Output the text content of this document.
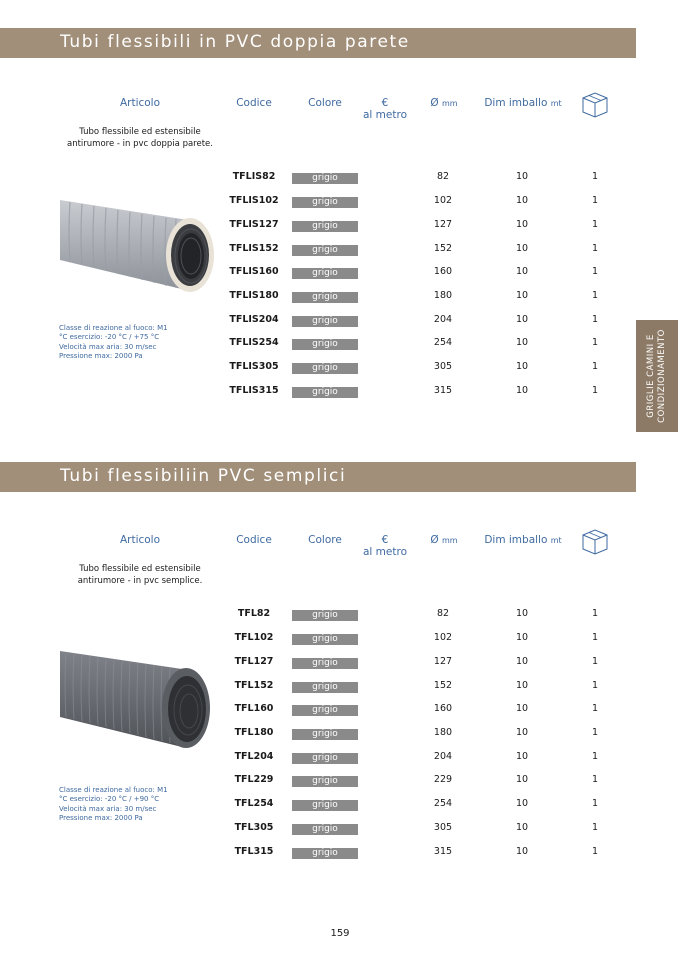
Tubi flessibili in PVC doppia parete
Articolo	Codice	Colore	€
al metro
Ø mm	Dim imballo mt
Tubo flessibile ed estensibile
antirumore - in pvc doppia parete.
Classe di reazione al fuoco: M1
°C esercizio: -20 °C / +75 °C
Velocità max aria: 30 m/sec
Pressione max: 2000 Pa
TFLIS82	grigio	82	10	1
TFLIS102	grigio	102	10	1
TFLIS127	grigio	127	10	1
TFLIS152	grigio	152	10	1
TFLIS160	grigio	160	10	1
TFLIS180	grigio	180	10	1
TFLIS204	grigio	204	10	1
TFLIS254	grigio	254	10	1
TFLIS305	grigio	305	10	1
TFLIS315	grigio	315	10	1	GRIGLIE CAMINI E CONDIZIONAMENTO
Tubi flessibiliin PVC semplici
Articolo	Codice	Colore	€
al metro
Ø mm	Dim imballo mt
Tubo flessibile ed estensibile
antirumore - in pvc semplice.
Classe di reazione al fuoco: M1
°C esercizio: -20 °C / +90 °C
Velocità max aria: 30 m/sec
Pressione max: 2000 Pa
TFL82	grigio	82	10	1
TFL102	grigio	102	10	1
TFL127	grigio	127	10	1
TFL152	grigio	152	10	1
TFL160	grigio	160	10	1
TFL180	grigio	180	10	1
TFL204	grigio	204	10	1
TFL229	grigio	229	10	1
TFL254	grigio	254	10	1
TFL305	grigio	305	10	1
TFL315	grigio	315	10	1
159
